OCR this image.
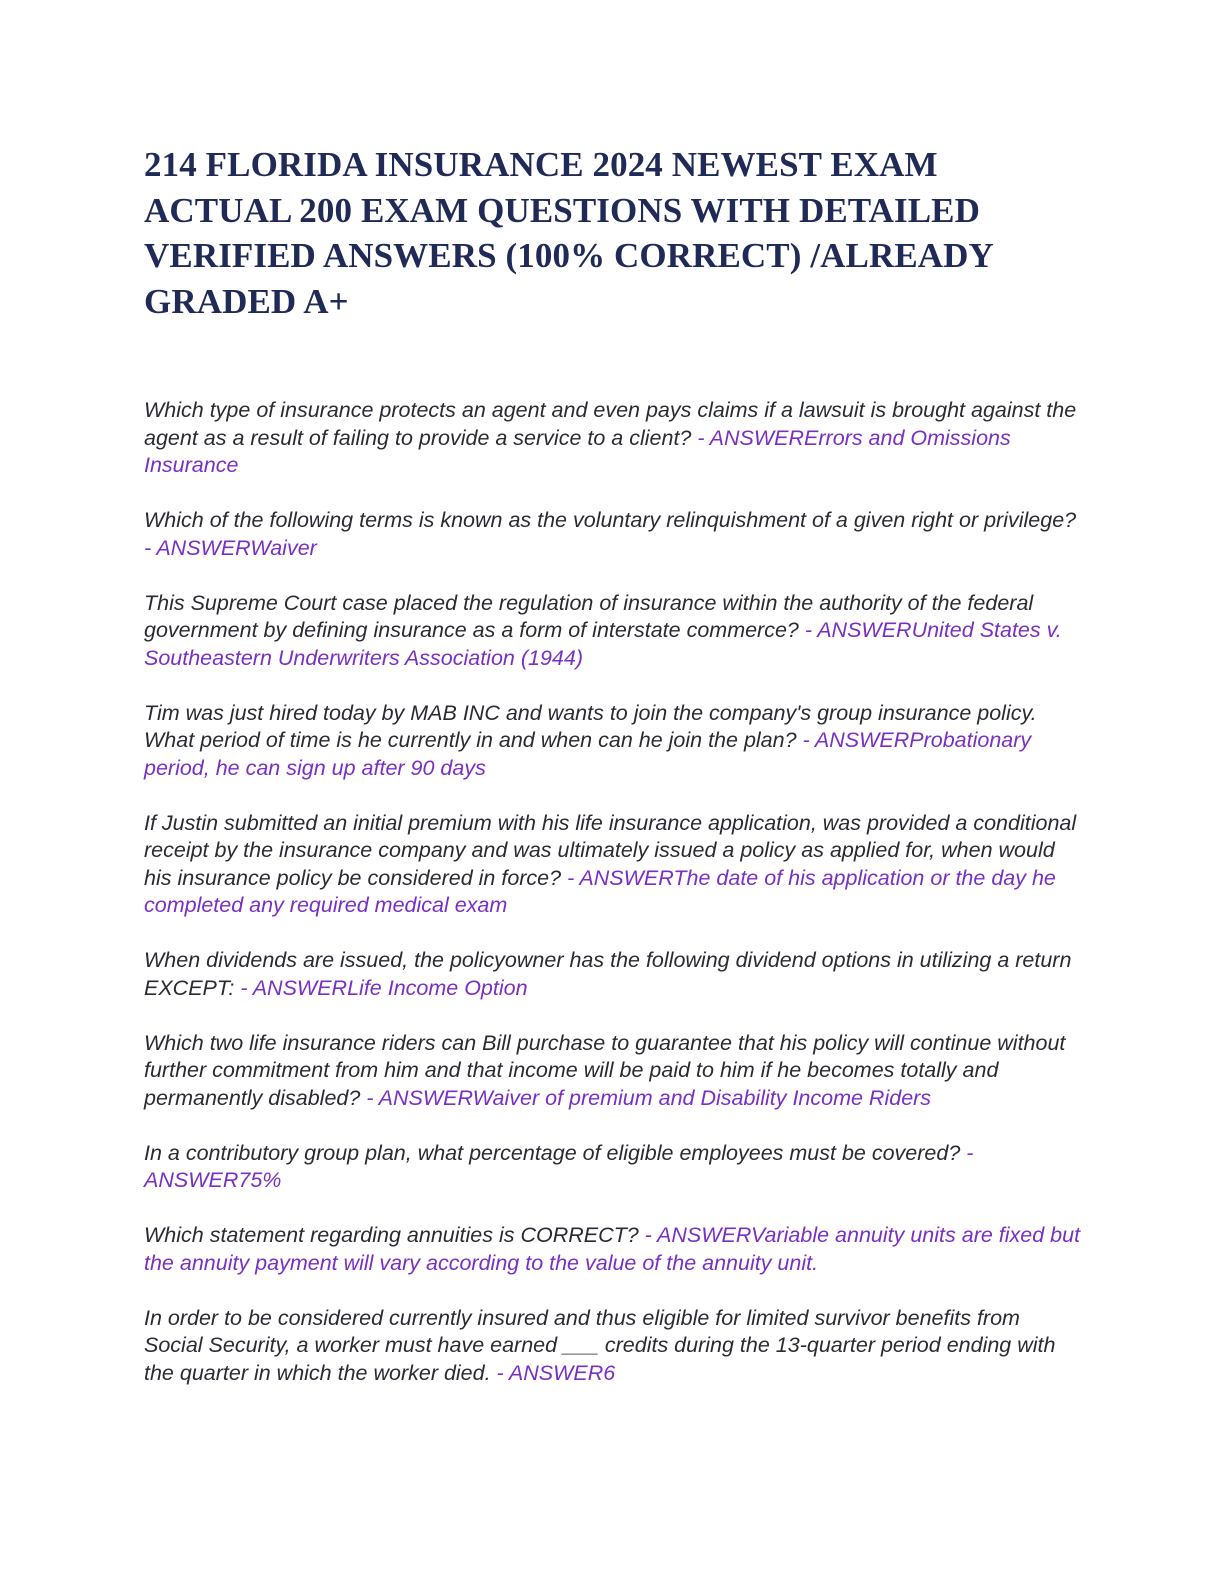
214 FLORIDA INSURANCE 2024 NEWEST EXAM ACTUAL 200 EXAM QUESTIONS WITH DETAILED VERIFIED ANSWERS (100% CORRECT) /ALREADY GRADED A+

Which type of insurance protects an agent and even pays claims if a lawsuit is brought against the agent as a result of failing to provide a service to a client? - ANSWERErrors and Omissions Insurance

Which of the following terms is known as the voluntary relinquishment of a given right or privilege? - ANSWERWaiver

This Supreme Court case placed the regulation of insurance within the authority of the federal government by defining insurance as a form of interstate commerce? - ANSWERUnited States v. Southeastern Underwriters Association (1944)

Tim was just hired today by MAB INC and wants to join the company's group insurance policy. What period of time is he currently in and when can he join the plan? - ANSWERProbationary period, he can sign up after 90 days

If Justin submitted an initial premium with his life insurance application, was provided a conditional receipt by the insurance company and was ultimately issued a policy as applied for, when would his insurance policy be considered in force? - ANSWERThe date of his application or the day he completed any required medical exam

When dividends are issued, the policyowner has the following dividend options in utilizing a return EXCEPT: - ANSWERLife Income Option

Which two life insurance riders can Bill purchase to guarantee that his policy will continue without further commitment from him and that income will be paid to him if he becomes totally and permanently disabled? - ANSWERWaiver of premium and Disability Income Riders

In a contributory group plan, what percentage of eligible employees must be covered? - ANSWER75%

Which statement regarding annuities is CORRECT? - ANSWERVariable annuity units are fixed but the annuity payment will vary according to the value of the annuity unit.

In order to be considered currently insured and thus eligible for limited survivor benefits from Social Security, a worker must have earned ___ credits during the 13-quarter period ending with the quarter in which the worker died. - ANSWER6
